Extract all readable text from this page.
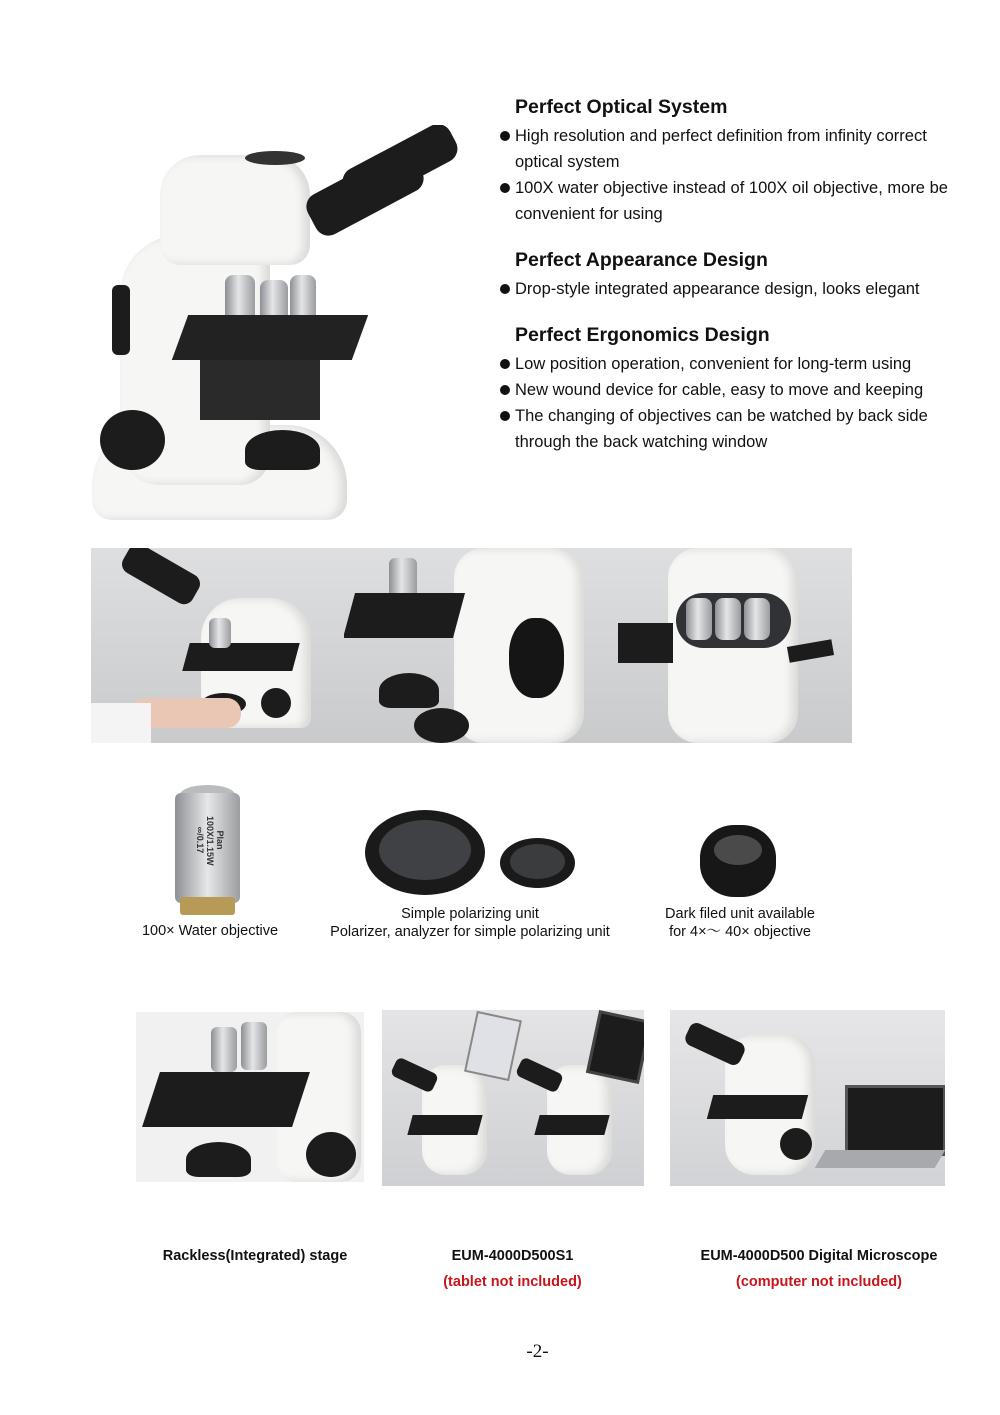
Perfect Optical System
High resolution and perfect definition from infinity correct
optical system
100X water objective instead of 100X oil objective, more be
convenient for using
Perfect Appearance Design
Drop-style integrated appearance design, looks elegant
Perfect Ergonomics Design
Low position operation, convenient for long-term using
New wound device for cable, easy to move and keeping
The changing of objectives can be watched by back side
through the back watching window
Plan 100X/1.15W ∞/0.17
100× Water objective
Simple polarizing unit
Polarizer, analyzer for simple polarizing unit
Dark filed unit available
for 4×～ 40× objective
Rackless(Integrated) stage	EUM-4000D500S1
(tablet not included)
EUM-4000D500 Digital Microscope
(computer not included)
-2-
